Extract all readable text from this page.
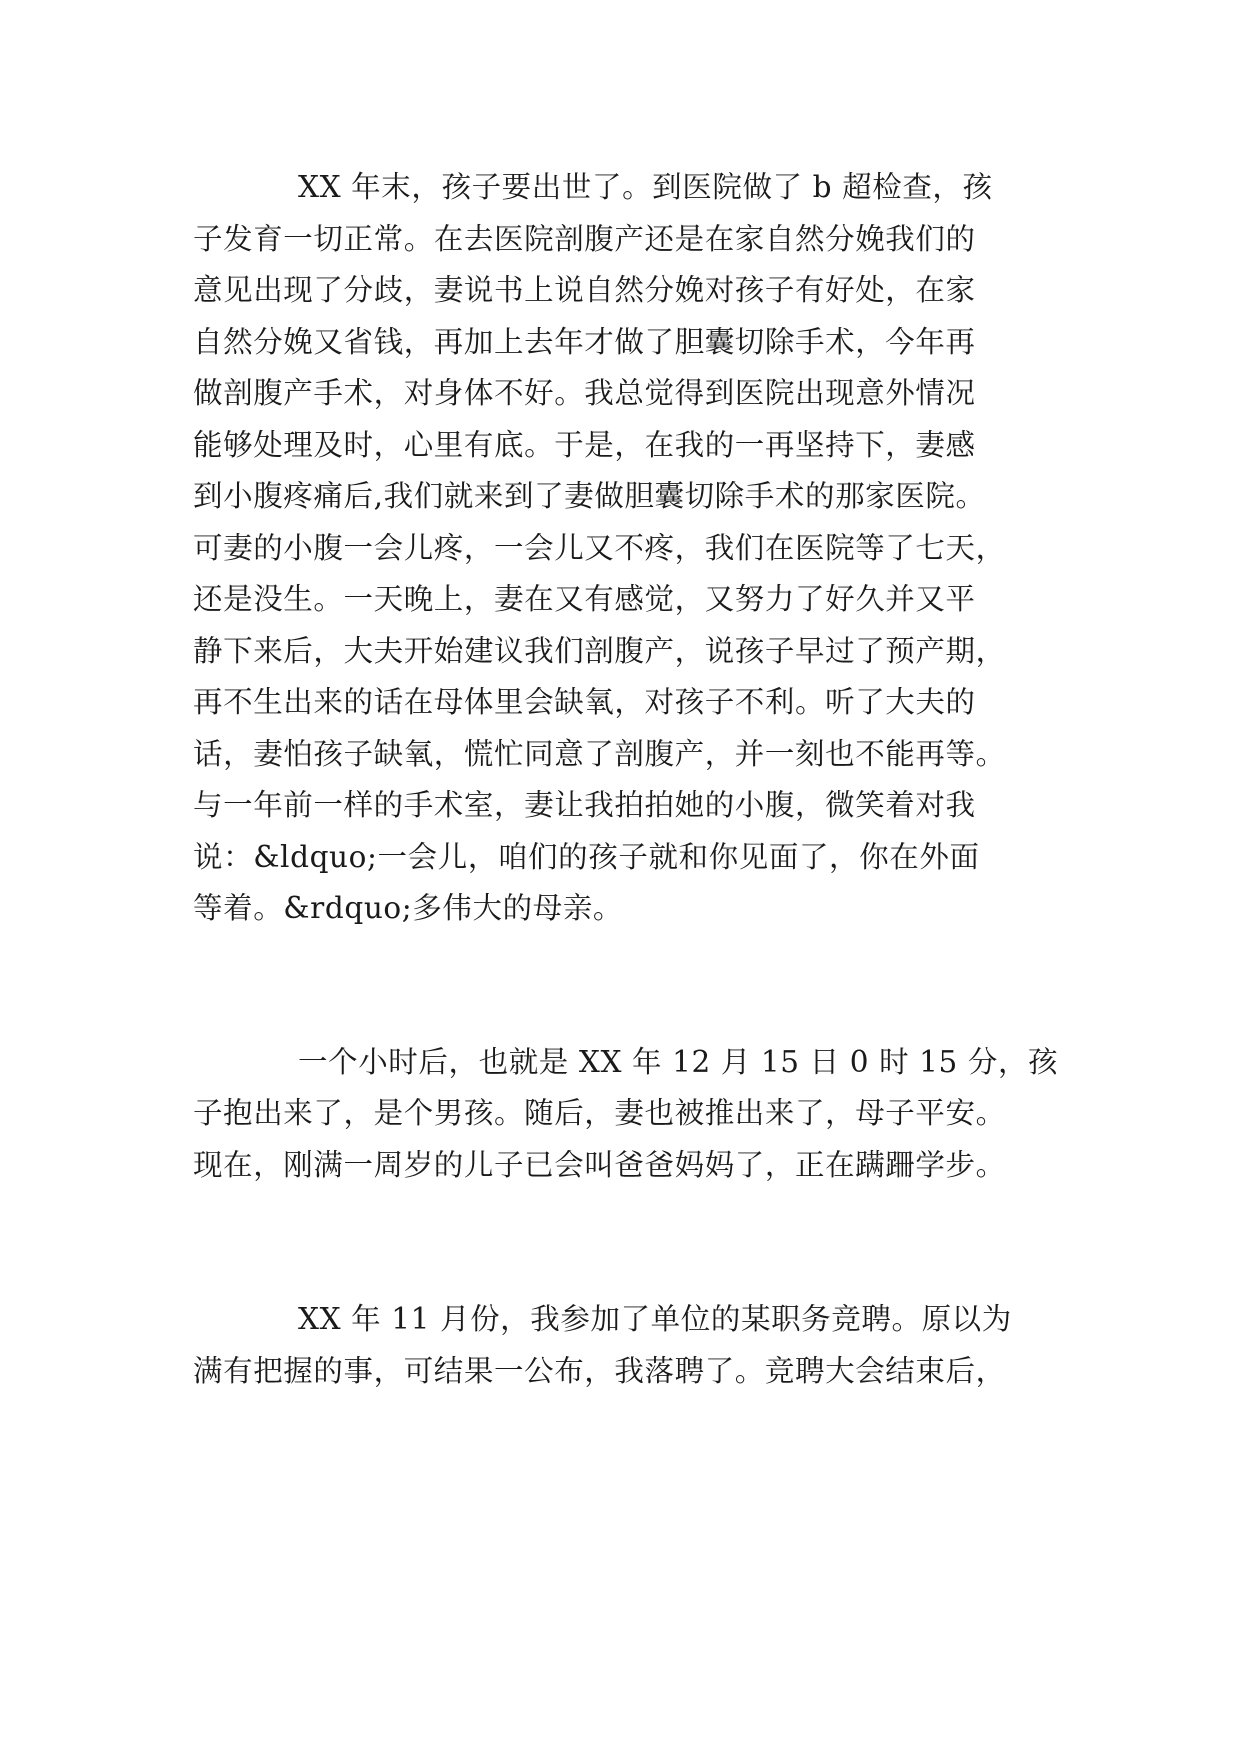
XX 年末，孩子要出世了。到医院做了 b 超检查，孩
子发育一切正常。在去医院剖腹产还是在家自然分娩我们的
意见出现了分歧，妻说书上说自然分娩对孩子有好处，在家
自然分娩又省钱，再加上去年才做了胆囊切除手术，今年再
做剖腹产手术，对身体不好。我总觉得到医院出现意外情况
能够处理及时，心里有底。于是，在我的一再坚持下，妻感
到小腹疼痛后,我们就来到了妻做胆囊切除手术的那家医院。
可妻的小腹一会儿疼，一会儿又不疼，我们在医院等了七天，
还是没生。一天晚上，妻在又有感觉，又努力了好久并又平
静下来后，大夫开始建议我们剖腹产，说孩子早过了预产期，
再不生出来的话在母体里会缺氧，对孩子不利。听了大夫的
话，妻怕孩子缺氧，慌忙同意了剖腹产，并一刻也不能再等。
与一年前一样的手术室，妻让我拍拍她的小腹，微笑着对我
说：&ldquo;一会儿，咱们的孩子就和你见面了，你在外面
等着。&rdquo;多伟大的母亲。
一个小时后，也就是 XX 年 12 月 15 日 0 时 15 分，孩
子抱出来了，是个男孩。随后，妻也被推出来了，母子平安。
现在，刚满一周岁的儿子已会叫爸爸妈妈了，正在蹒跚学步。
XX 年 11 月份，我参加了单位的某职务竞聘。原以为
满有把握的事，可结果一公布，我落聘了。竞聘大会结束后，
